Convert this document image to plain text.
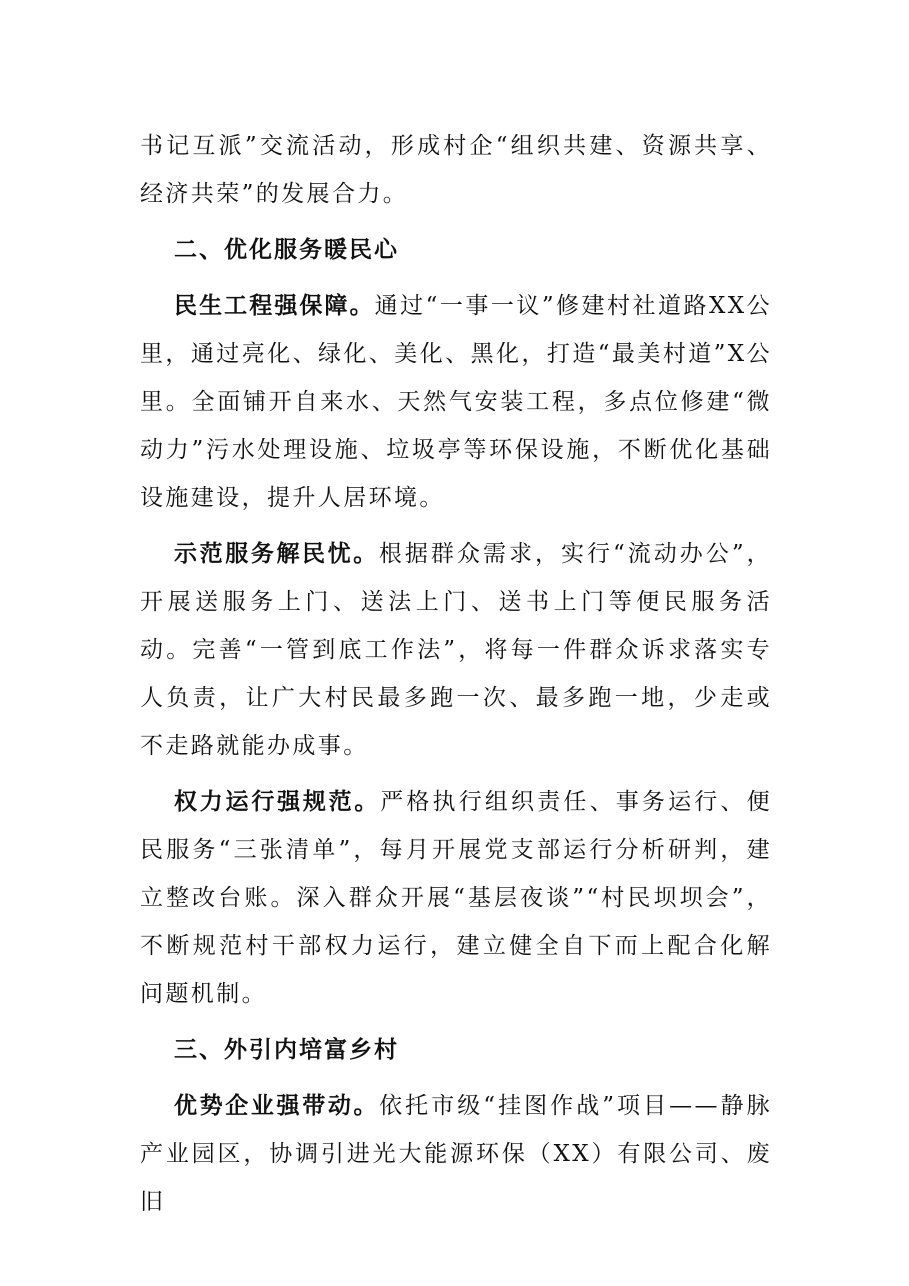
书记互派”交流活动，形成村企“组织共建、资源共享、经济共荣”的发展合力。

二、优化服务暖民心

民生工程强保障。通过“一事一议”修建村社道路XX公里，通过亮化、绿化、美化、黑化，打造“最美村道”X公里。全面铺开自来水、天然气安装工程，多点位修建“微动力”污水处理设施、垃圾亭等环保设施，不断优化基础设施建设，提升人居环境。

示范服务解民忧。根据群众需求，实行“流动办公”，开展送服务上门、送法上门、送书上门等便民服务活动。完善“一管到底工作法”，将每一件群众诉求落实专人负责，让广大村民最多跑一次、最多跑一地，少走或不走路就能办成事。

权力运行强规范。严格执行组织责任、事务运行、便民服务“三张清单”，每月开展党支部运行分析研判，建立整改台账。深入群众开展“基层夜谈”“村民坝坝会”，不断规范村干部权力运行，建立健全自下而上配合化解问题机制。

三、外引内培富乡村

优势企业强带动。依托市级“挂图作战”项目——静脉产业园区，协调引进光大能源环保（XX）有限公司、废旧
